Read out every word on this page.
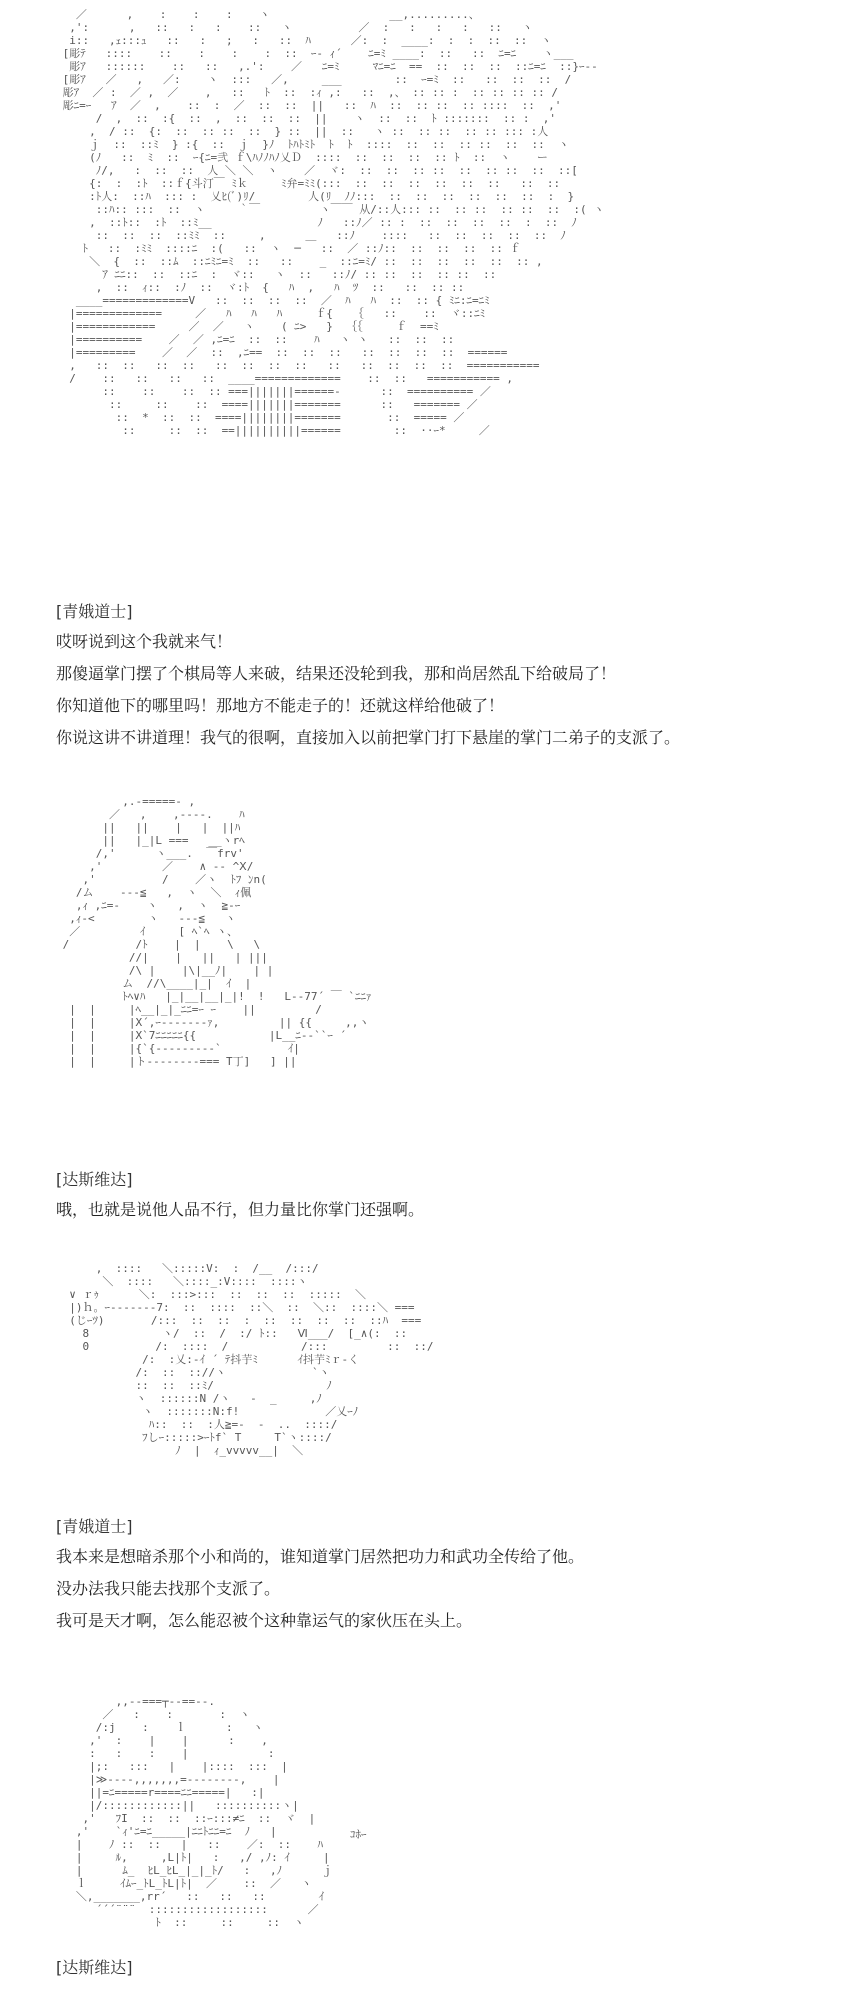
／      ,    :    :    :    ヽ                  __,.........、
,':      ,   ::   :   :    ::   ヽ          ／  :   :   :   :   ::   ヽ
i::   ,ｪ:::ｭ   ::   :   ;   :   ::  ﾊ      ／:  :  ____:  :  :  ::  ::  ヽ
[彫ﾃ   ::::    ::    :    :    :  ::  ｰ- ｨ´    ﾆ=ﾐ ____:  ::   ::  ﾆ=ﾆ    ヽ___
彫ｱ   ::::::    ::   ::   ,.':    ／   ﾆ=ﾐ     ﾏﾆ=ﾆ  ==  ::  ::  ::  ::ﾆ=ﾆ  ::}ｰ--
[彫ｱ   ／   ,   ／:    ヽ  :::   ／,     ___        ::  ｰ=ﾐ  ::   ::  ::  ::  /
彫ｱ  ／ :  ／ ,  ／    ,   ::   ﾄ  ::  :ｨ ,:   ::  ,、 :: :: :  :: :: :: :: /
彫ﾆ=ｰ   ｱ  ／  ,    ::  :  ／  ::  ::  ||   ::  ﾊ  ::  :: ::  :: ::::  ::  ,'
/  ,  ::  :{  ::  ,  ::  ::  ::  ||    ヽ  ::  ::  ﾄ :::::::  :: :  ,'
,  / ::  {:  ::  :: ::  ::  } ::  ||  ::   ヽ ::  :: ::  :: :: ::: :人
ｊ  ::  ::ﾐ  } :{  ::  ｊ  }ﾉ  ﾄﾊﾄﾐﾄ  ﾄ  ﾄ  ::::  ::  ::  :: ::  ::  ::  ヽ
(ﾉ   ::  ﾐ  ::  ｰ{ﾆ=弐 ｆ\ﾊﾉﾉﾊﾉ乂Ｄ  ::::  ::  ::  ::  :: ﾄ  ::  ヽ    ー
ﾉ/,   :  ::  ::  人 ＼ ＼  ヽ    ／  ヾ:  ::  ::  :: ::  ::  :: ::  ::  ::[
{:  :  :ﾄ  ::ｆ{斗汀￣ ﾐｋ     ﾐ弁=ﾐﾐ(:::  ::  ::  ::  ::  ::  ::   ::  ::
:ﾄ人:  ::ﾊ  ::: :  乂ﾋ(ﾞ)ﾘ/        人(ﾘ  ﾉﾉ:::  ::  ::  ::  ::  ::  ::  :  }
::ﾊ:: :::  ::  ヽ     ｀￣         ヽ￣￣ 从/::人::: ::  :: ::  :: ::  ::  :( ヽ
,  ::ﾄ::  :ﾄ  ::ﾐ__                ﾉ   ::ﾉ／ :: :  ::  ::  ::  ::  :  ::  ﾉ
::  ::  ::  ::ﾐﾐ  ::     ,      ＿   ::ﾉ    ::::   ::  ::  ::  ::  ::  ﾉ
ﾄ   ::  :ﾐﾐ  ::::ﾆ  :(   ::  ヽ  ─   ::  ／ ::ﾉ::  ::  ::  ::  :: ｆ
＼  {  ::  ::ﾑ  ::ﾆﾐﾆ=ﾐ  ::   ::    _  ::ﾆ=ﾐ/ ::  ::  ::  ::  ::  :: ,
ｱ ﾆﾆ::  ::  ::ﾆ  :  ヾ::   ヽ  ::   ::ﾉ/ :: ::  ::  :: ::  ::
,  ::  ｨ::  :ﾉ  ::  ヾ:ﾄ  {   ﾊ  ,   ﾊ  ﾂ  ::   ::  :: ::
____=============V   ::  ::  ::  ::  ／  ﾊ   ﾊ  ::  :: { ﾐﾆ:ﾆ=ﾆﾐ
|=============     ／   ﾊ   ﾊ   ﾊ     ｆ{   ｛   ::    ::  ヾ::ﾆﾐ
|============     ／  ／   ヽ    ( ﾆ>   }  ｛｛     ｆ  ==ﾐ
|==========    ／  ／ ,ﾆ=ﾆ  ::  ::    ﾊ   ヽ ヽ   ::  ::  ::
|=========    ／  ／  ::  ,ﾆ==  ::  ::  ::   ::  ::  ::  ::  ======
,   ::  ::   ::  ::   ::  ::  ::  ::   ::   ::  ::  ::  ::  ===========
/    ::   ::   ::   ::  ____=============    ::  ::   =========== ,
::    ::    ::  :: ===|||||||======-      ::  ========== ／
::     ::    ::  ====|||||||=======      ::   ======= ／
::  *  ::  ::  ====||||||||=======       ::  ===== ／
::     ::  ::  ==||||||||||======        ::  ··ｰ*     ／
[青娥道士]
哎呀说到这个我就来气！
那傻逼掌门摆了个棋局等人来破，结果还没轮到我，那和尚居然乱下给破局了！
你知道他下的哪里吗！那地方不能走子的！还就这样给他破了！
你说这讲不讲道理！我气的很啊，直接加入以前把掌门打下悬崖的掌门二弟子的支派了。
,.-=====- ,
／   ,    ,----.    ﾊ
||   ||    |   |  ||ﾊ
||   |_|L ===   __ヽrﾍ
/,'      ヽ___.  ￣frv'
,'         ／    ∧ -- ^Ⅹ/
,'          /    ／ヽ  ﾄﾌ ﾝn(
/ム    ---≦   ,  ヽ  ＼  ｨ佩
,ｨ ,ﾆ=-    ヽ   ,  ヽ  ≧-ｰ
,ｨ-<        ヽ   ---≦   ヽ
／         ｲ     [ ﾍ`ﾍ ヽ、
/          /ﾄ    |  |    \   \
//|    |   ||   | |||
/\ |    |\|__ﾉ|    | |
ム  //\____|_|  ｲ  |
ﾄﾍ∨ﾊ   |_|__|__|_|!  !   L--77´ ￣ `ﾆﾆｧ
|  |     |ﾍ__|_|_ﾆﾆ=ｰ ｰ    ||         /
|  |     |X´,ｰ-------ｧ,         || {{     ,,ヽ
|  |     |X`7ﾆﾆﾆﾆﾆ{{           |L__ﾆ--``ｰ ´
|  |     |{`{---------`          ｲ|
|  |     |ト--------=== T丁]   ] ||
[达斯维达]
哦，也就是说他人品不行，但力量比你掌门还强啊。
,  ::::   ＼:::::V:  :  /__  /:::/
＼  ::::   ＼::::_:V::::  ::::ヽ
∨ ｒｩ      ＼:  :::>:::  ::  ::  ::  :::::  ＼
|)ｈ。ｰ-------7:  ::  ::::  ::＼  ::  ＼::  ::::＼ ===
(じｰﾂ)       /:::  ::  ::  :  ::  ::  ::  ::  ::ﾊ  ===
8           ヽ/  ::  /  :/ ﾄ::   Ⅵ___/  [_∧(:  ::
0          /:  ::::  /           /:::         ::  ::/
/:  :乂:-ｲ ´ ﾃ抖芋ﾐ      ｲ抖芋ﾐｒ-く
/:  ::  :://ヽ             `ヽ
::  ::  ::ﾐ/                 ﾉ
ヽ  ::::::N /ヽ   -  _     ,ﾉ
ヽ  :::::::N:f!             ／乂ｰﾉ
ﾊ::  ::  :人≧=-  -  ..  ::::/
ﾌしｰ:::::>ｰﾄf` T     T`ヽ::::/
ﾉ  |  ｨ_vvvvv__|  ＼
[青娥道士]
我本来是想暗杀那个小和尚的，谁知道掌门居然把功力和武功全传给了他。
没办法我只能去找那个支派了。
我可是天才啊，怎么能忍被个这种靠运气的家伙压在头上。
,,--===┬--==--.
／   :    :       :  ヽ
/:j    :    ｌ      :   ヽ
,'  :    |    |      :    ,
:   :    :    |            :
|;:   :::   |    |::::  :::  |
|≫----,,,,,,,=--------,    |
||=ﾆ=====r====ﾆﾆ=====|   :|
|/::::::::::::||   ::::::::::ヽ|
,'   ﾌI  ::  ::  ::ｰ:::≠ﾆ  ::  ヾ  |
,'    `ｨ'ﾆ=ﾆ_____|ﾆﾆﾄﾆﾆ=ﾆ  ﾉ   |
|    ﾉ ::  ::   |   ::    ／:  ::    ﾊ
|     ﾙ,     ,L|ﾄ|   :   ,/ ,ﾉ: ｲ     |
|      ﾑ_  ﾋL_ﾋL_|_|_ﾄ/   :   ,ﾉ      ｊ
ｌ     ｲﾑｰ_ﾄL_ﾄL|ﾄ|  ／    ::  ／   ヽ
＼,_______,rr´   ::   ::   ::        ｲ
´´´¨¨¨  ::::::::::::::::::      ／
ﾄ  ::     ::     ::  ヽ
ｺﾎｰ
[达斯维达]
